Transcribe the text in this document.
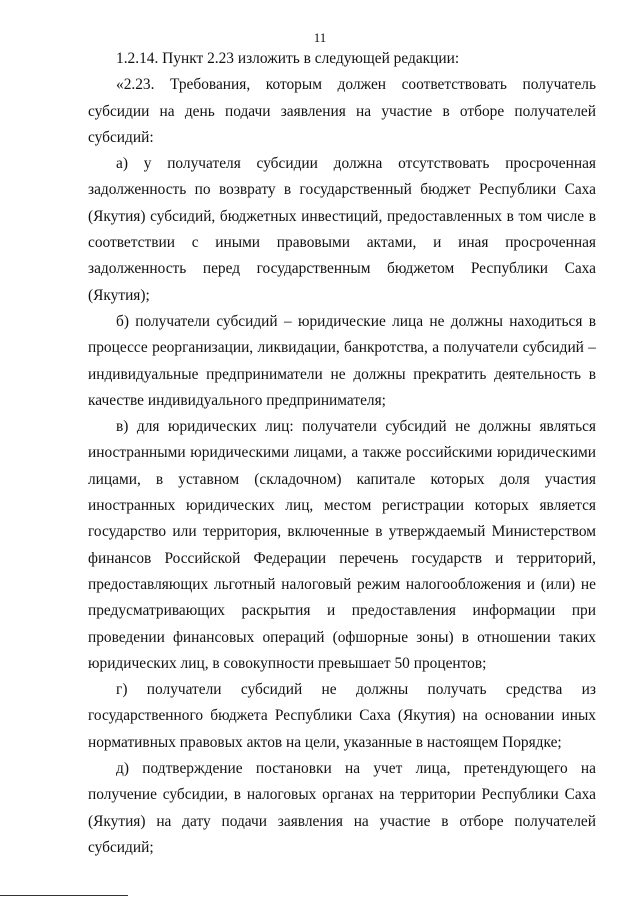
11

1.2.14. Пункт 2.23 изложить в следующей редакции:

«2.23. Требования, которым должен соответствовать получатель субсидии на день подачи заявления на участие в отборе получателей субсидий:

а) у получателя субсидии должна отсутствовать просроченная задолженность по возврату в государственный бюджет Республики Саха (Якутия) субсидий, бюджетных инвестиций, предоставленных в том числе в соответствии с иными правовыми актами, и иная просроченная задолженность перед государственным бюджетом Республики Саха (Якутия);

б) получатели субсидий – юридические лица не должны находиться в процессе реорганизации, ликвидации, банкротства, а получатели субсидий – индивидуальные предприниматели не должны прекратить деятельность в качестве индивидуального предпринимателя;

в) для юридических лиц: получатели субсидий не должны являться иностранными юридическими лицами, а также российскими юридическими лицами, в уставном (складочном) капитале которых доля участия иностранных юридических лиц, местом регистрации которых является государство или территория, включенные в утверждаемый Министерством финансов Российской Федерации перечень государств и территорий, предоставляющих льготный налоговый режим налогообложения и (или) не предусматривающих раскрытия и предоставления информации при проведении финансовых операций (офшорные зоны) в отношении таких юридических лиц, в совокупности превышает 50 процентов;

г) получатели субсидий не должны получать средства из государственного бюджета Республики Саха (Якутия) на основании иных нормативных правовых актов на цели, указанные в настоящем Порядке;

д) подтверждение постановки на учет лица, претендующего на получение субсидии, в налоговых органах на территории Республики Саха (Якутия) на дату подачи заявления на участие в отборе получателей субсидий;
